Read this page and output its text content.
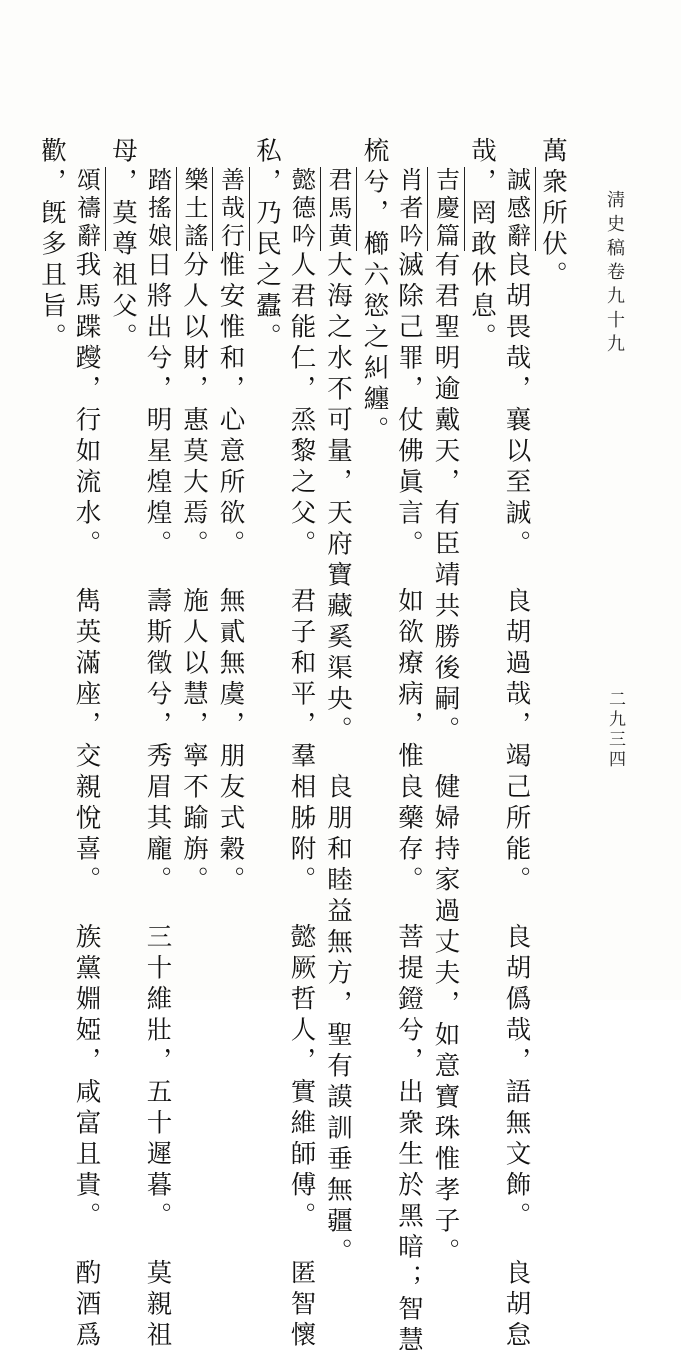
淸史稿卷九十九
二九三四
萬衆所伏。
誠感辭良胡畏哉，襄以至誠。良胡過哉，竭己所能。良胡僞哉，語無文飾。良胡怠
哉，罔敢休息。
吉慶篇有君聖明逾戴天，有臣靖共勝後嗣。健婦持家過丈夫，如意寶珠惟孝子。
肖者吟滅除己罪，仗佛眞言。如欲療病，惟良藥存。菩提鐙兮，出衆生於黑暗；智慧
梳兮，櫛六慾之糾纏。
君馬黄大海之水不可量，天府寶藏奚渠央。良朋和睦益無方，聖有謨訓垂無疆。
懿德吟人君能仁，烝黎之父。君子和平，羣相胏附。懿厥哲人，實維師傅。匿智懷
私，乃民之蠹。
善哉行惟安惟和，心意所欲。無貳無虞，朋友式穀。
樂土謠分人以財，惠莫大焉。施人以慧，寧不踰旃。
踏搖娘日將出兮，明星煌煌。壽斯徵兮，秀眉其龐。三十維壯，五十遲暮。莫親祖
母，莫尊祖父。
頌禱辭我馬蹀躞，行如流水。雋英滿座，交親悅喜。族黨婣婭，咸富且貴。酌酒爲
歡，旣多且旨。
